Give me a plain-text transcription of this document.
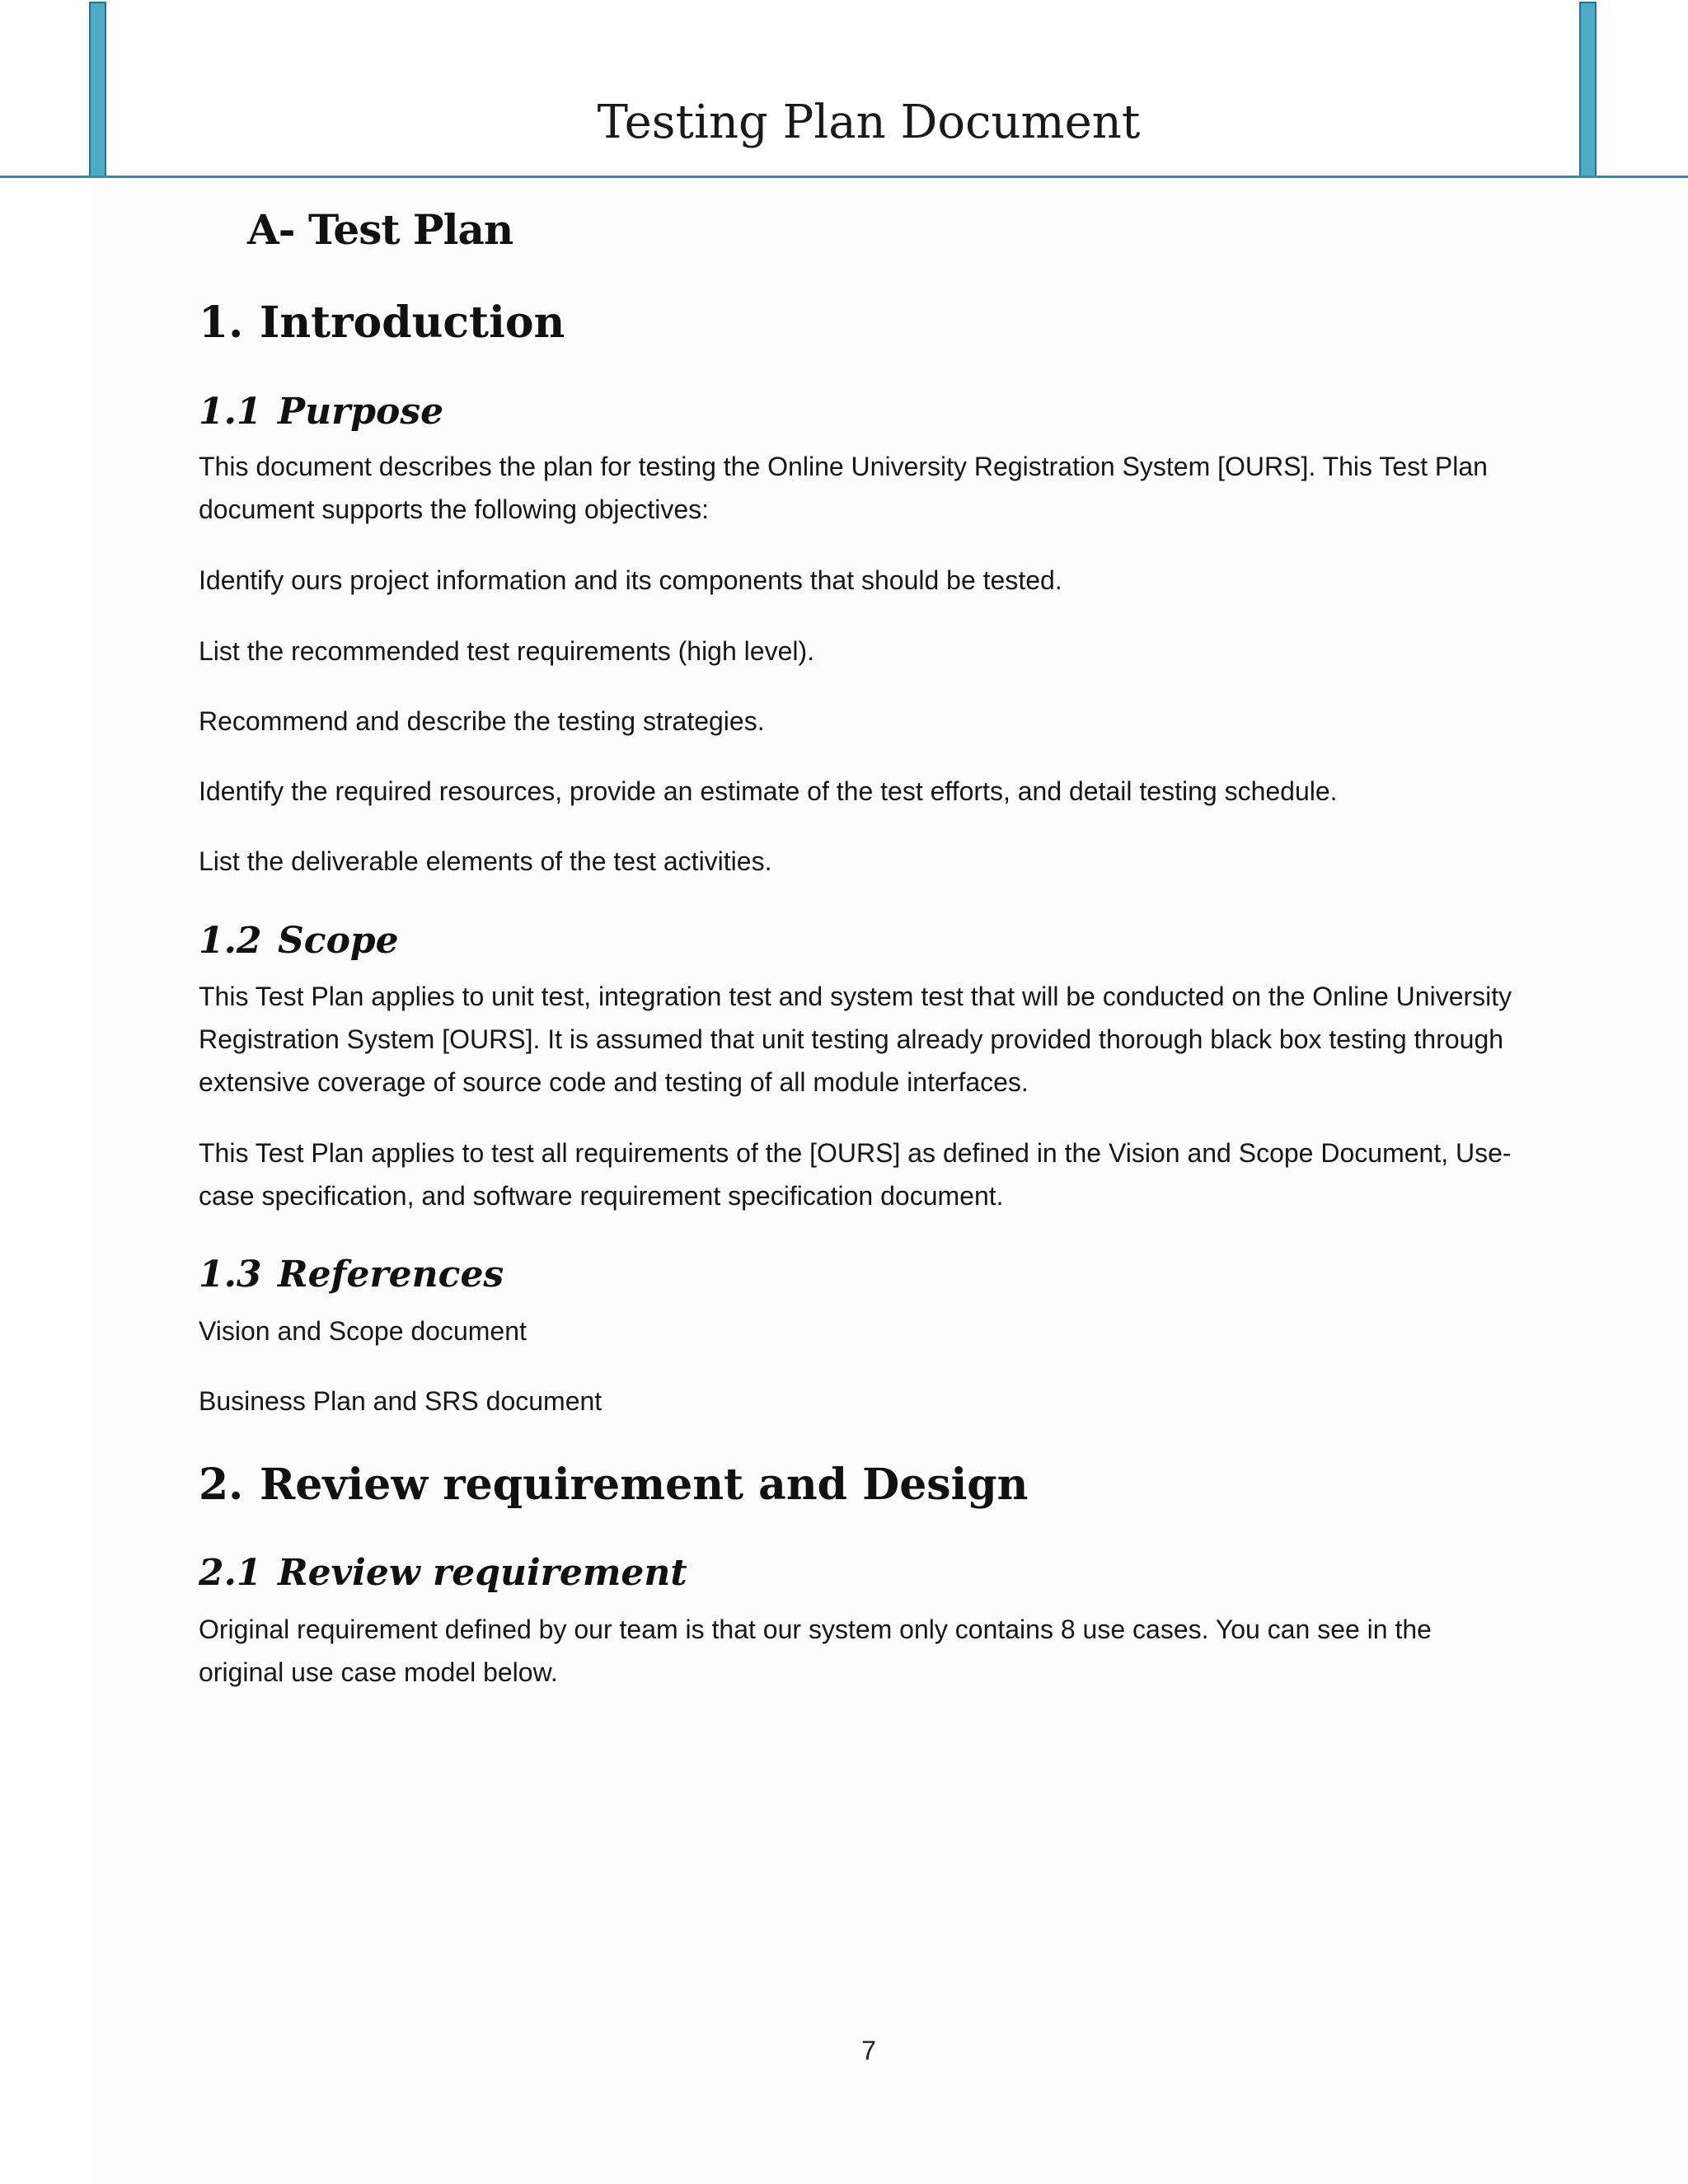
Testing Plan Document

A- Test Plan

1. Introduction

1.1 Purpose

This document describes the plan for testing the Online University Registration System [OURS]. This Test Plan document supports the following objectives:

Identify ours project information and its components that should be tested.

List the recommended test requirements (high level).

Recommend and describe the testing strategies.

Identify the required resources, provide an estimate of the test efforts, and detail testing schedule.

List the deliverable elements of the test activities.

1.2 Scope

This Test Plan applies to unit test, integration test and system test that will be conducted on the Online University Registration System [OURS]. It is assumed that unit testing already provided thorough black box testing through extensive coverage of source code and testing of all module interfaces.

This Test Plan applies to test all requirements of the [OURS] as defined in the Vision and Scope Document, Use-case specification, and software requirement specification document.

1.3 References

Vision and Scope document

Business Plan and SRS document

2. Review requirement and Design

2.1 Review requirement

Original requirement defined by our team is that our system only contains 8 use cases. You can see in the original use case model below.

7
